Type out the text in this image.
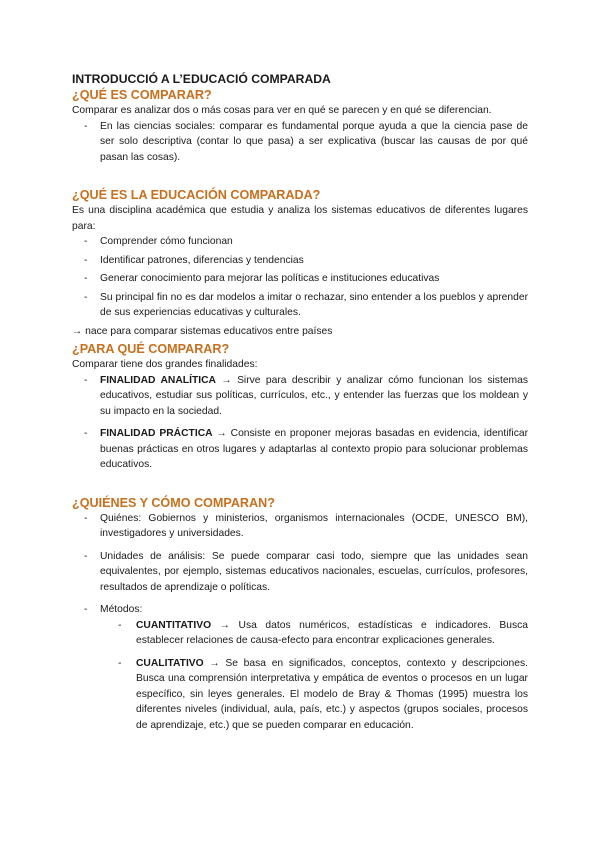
INTRODUCCIÓ A L’EDUCACIÓ COMPARADA
¿QUÉ ES COMPARAR?

Comparar es analizar dos o más cosas para ver en qué se parecen y en qué se diferencian.

- En las ciencias sociales: comparar es fundamental porque ayuda a que la ciencia pase de ser solo descriptiva (contar lo que pasa) a ser explicativa (buscar las causas de por qué pasan las cosas).
¿QUÉ ES LA EDUCACIÓN COMPARADA?

Es una disciplina académica que estudia y analiza los sistemas educativos de diferentes lugares para:

- Comprender cómo funcionan
- Identificar patrones, diferencias y tendencias
- Generar conocimiento para mejorar las políticas e instituciones educativas
- Su principal fin no es dar modelos a imitar o rechazar, sino entender a los pueblos y aprender de sus experiencias educativas y culturales.

→ nace para comparar sistemas educativos entre países

¿PARA QUÉ COMPARAR?

Comparar tiene dos grandes finalidades:

- FINALIDAD ANALÍTICA → Sirve para describir y analizar cómo funcionan los sistemas educativos, estudiar sus políticas, currículos, etc., y entender las fuerzas que los moldean y su impacto en la sociedad.
- FINALIDAD PRÁCTICA → Consiste en proponer mejoras basadas en evidencia, identificar buenas prácticas en otros lugares y adaptarlas al contexto propio para solucionar problemas educativos.
¿QUIÉNES Y CÓMO COMPARAN?
- Quiénes: Gobiernos y ministerios, organismos internacionales (OCDE, UNESCO BM), investigadores y universidades.
- Unidades de análisis: Se puede comparar casi todo, siempre que las unidades sean equivalentes, por ejemplo, sistemas educativos nacionales, escuelas, currículos, profesores, resultados de aprendizaje o políticas.
- Métodos:
- CUANTITATIVO → Usa datos numéricos, estadísticas e indicadores. Busca establecer relaciones de causa-efecto para encontrar explicaciones generales.
- CUALITATIVO → Se basa en significados, conceptos, contexto y descripciones. Busca una comprensión interpretativa y empática de eventos o procesos en un lugar específico, sin leyes generales. El modelo de Bray & Thomas (1995) muestra los diferentes niveles (individual, aula, país, etc.) y aspectos (grupos sociales, procesos de aprendizaje, etc.) que se pueden comparar en educación.
